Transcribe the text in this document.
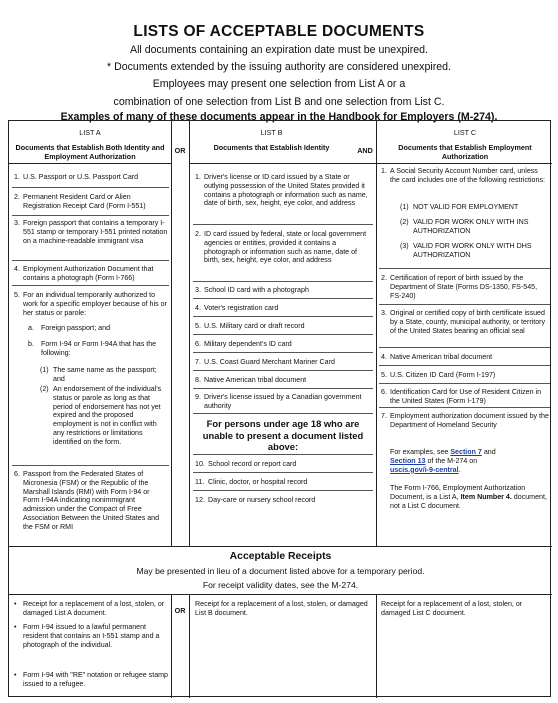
LISTS OF ACCEPTABLE DOCUMENTS
All documents containing an expiration date must be unexpired.
* Documents extended by the issuing authority are considered unexpired.
Employees may present one selection from List A or a
combination of one selection from List B and one selection from List C.
Examples of many of these documents appear in the Handbook for Employers (M-274).
LIST A
Documents that Establish Both Identity and Employment Authorization
OR
LIST B
Documents that Establish Identity	AND
LIST C
Documents that Establish Employment Authorization
1. U.S. Passport or U.S. Passport Card
2. Permanent Resident Card or Alien Registration Receipt Card (Form I-551)
3. Foreign passport that contains a temporary I-551 stamp or temporary I-551 printed notation on a machine-readable immigrant visa
4. Employment Authorization Document that contains a photograph (Form I-766)
5. For an individual temporarily authorized to work for a specific employer because of his or her status or parole:
a. Foreign passport; and
b. Form I-94 or Form I-94A that has the following:
(1) The same name as the passport; and
(2) An endorsement of the individual's status or parole as long as that period of endorsement has not yet expired and the proposed employment is not in conflict with any restrictions or limitations identified on the form.
6. Passport from the Federated States of Micronesia (FSM) or the Republic of the Marshall Islands (RMI) with Form I-94 or Form I-94A indicating nonimmigrant admission under the Compact of Free Association Between the United States and the FSM or RMI
1. Driver's license or ID card issued by a State or outlying possession of the United States provided it contains a photograph or information such as name, date of birth, sex, height, eye color, and address
2. ID card issued by federal, state or local government agencies or entities, provided it contains a photograph or information such as name, date of birth, sex, height, eye color, and address
3. School ID card with a photograph
4. Voter's registration card
5. U.S. Military card or draft record
6. Military dependent's ID card
7. U.S. Coast Guard Merchant Mariner Card
8. Native American tribal document
9. Driver's license issued by a Canadian government authority
For persons under age 18 who are unable to present a document listed above:
10. School record or report card
11. Clinic, doctor, or hospital record
12. Day-care or nursery school record
1. A Social Security Account Number card, unless the card includes one of the following restrictions:
(1) NOT VALID FOR EMPLOYMENT
(2) VALID FOR WORK ONLY WITH INS AUTHORIZATION
(3) VALID FOR WORK ONLY WITH DHS AUTHORIZATION
2. Certification of report of birth issued by the Department of State (Forms DS-1350, FS-545, FS-240)
3. Original or certified copy of birth certificate issued by a State, county, municipal authority, or territory of the United States bearing an official seal
4. Native American tribal document
5. U.S. Citizen ID Card (Form I-197)
6. Identification Card for Use of Resident Citizen in the United States (Form I-179)
7. Employment authorization document issued by the Department of Homeland Security
For examples, see Section 7 and
Section 13 of the M-274 on
uscis.gov/i-9-central.
The Form I-766, Employment Authorization Document, is a List A, Item Number 4. document, not a List C document.
Acceptable Receipts
May be presented in lieu of a document listed above for a temporary period.
For receipt validity dates, see the M-274.
• Receipt for a replacement of a lost, stolen, or damaged List A document.
• Form I-94 issued to a lawful permanent resident that contains an I-551 stamp and a photograph of the individual.
• Form I-94 with "RE" notation or refugee stamp issued to a refugee.
OR
Receipt for a replacement of a lost, stolen, or damaged List B document.
Receipt for a replacement of a lost, stolen, or damaged List C document.
